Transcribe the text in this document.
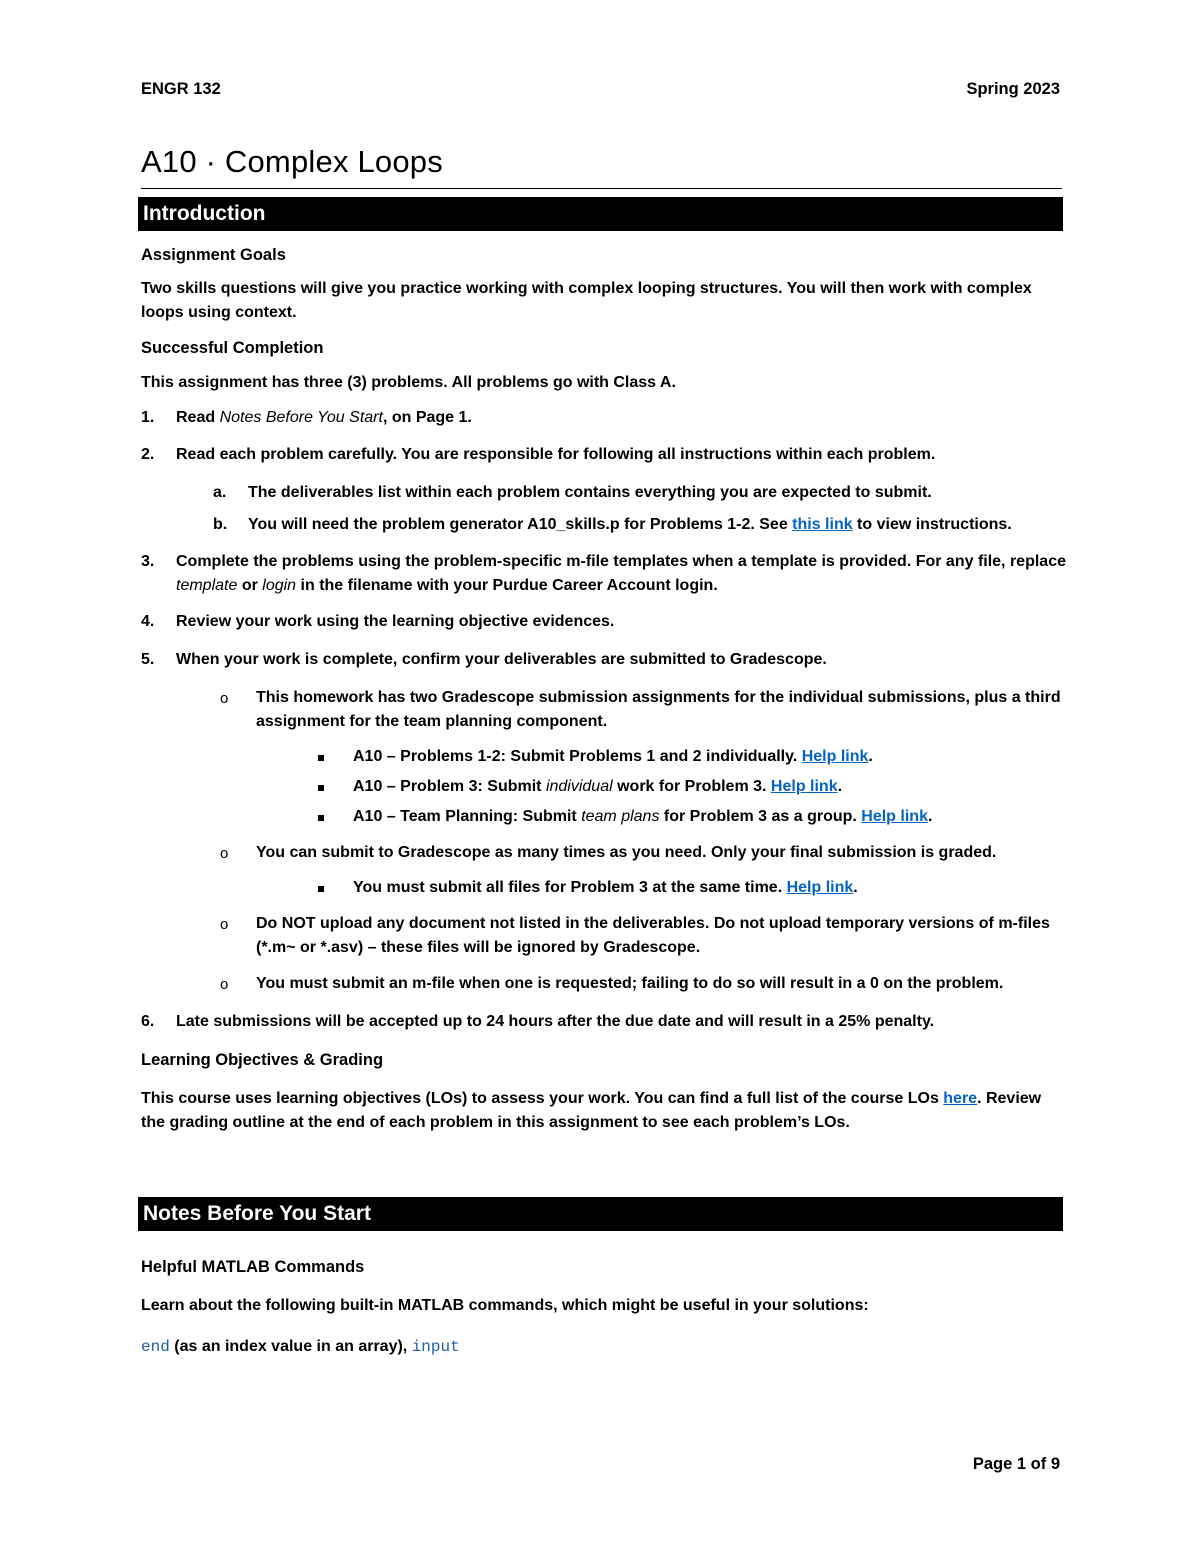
ENGR 132	Spring 2023
A10 · Complex Loops
Introduction
Assignment Goals
Two skills questions will give you practice working with complex looping structures. You will then work with complex loops using context.
Successful Completion
This assignment has three (3) problems. All problems go with Class A.
1. Read Notes Before You Start, on Page 1.
2. Read each problem carefully. You are responsible for following all instructions within each problem.
a. The deliverables list within each problem contains everything you are expected to submit.
b. You will need the problem generator A10_skills.p for Problems 1-2. See this link to view instructions.
3. Complete the problems using the problem-specific m-file templates when a template is provided. For any file, replace template or login in the filename with your Purdue Career Account login.
4. Review your work using the learning objective evidences.
5. When your work is complete, confirm your deliverables are submitted to Gradescope.
o This homework has two Gradescope submission assignments for the individual submissions, plus a third assignment for the team planning component.
A10 – Problems 1-2: Submit Problems 1 and 2 individually. Help link.
A10 – Problem 3: Submit individual work for Problem 3. Help link.
A10 – Team Planning: Submit team plans for Problem 3 as a group. Help link.
o You can submit to Gradescope as many times as you need. Only your final submission is graded.
You must submit all files for Problem 3 at the same time. Help link.
o Do NOT upload any document not listed in the deliverables. Do not upload temporary versions of m-files (*.m~ or *.asv) – these files will be ignored by Gradescope.
o You must submit an m-file when one is requested; failing to do so will result in a 0 on the problem.
6. Late submissions will be accepted up to 24 hours after the due date and will result in a 25% penalty.
Learning Objectives & Grading
This course uses learning objectives (LOs) to assess your work. You can find a full list of the course LOs here. Review the grading outline at the end of each problem in this assignment to see each problem’s LOs.
Notes Before You Start
Helpful MATLAB Commands
Learn about the following built-in MATLAB commands, which might be useful in your solutions:
end (as an index value in an array), input
Page 1 of 9
